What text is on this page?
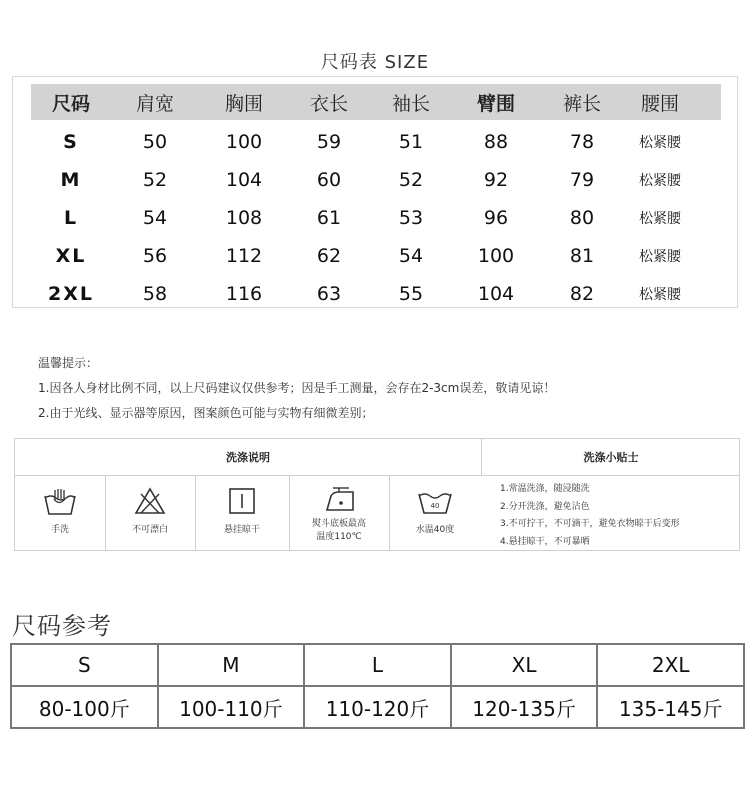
尺码表 SIZE
尺码	肩宽	胸围	衣长	袖长	臂围	裤长	腰围
S	50	100	59	51	88	78	松紧腰
M	52	104	60	52	92	79	松紧腰
L	54	108	61	53	96	80	松紧腰
XL	56	112	62	54	100	81	松紧腰
2XL	58	116	63	55	104	82	松紧腰
温馨提示：
1.因各人身材比例不同，以上尺码建议仅供参考；因是手工测量，会存在2-3cm误差，敬请见谅！
2.由于光线、显示器等原因，图案颜色可能与实物有细微差别；
洗涤说明	洗涤小贴士
手洗	不可漂白	悬挂晾干
熨斗底板最高
温度110℃
40
水温40度
1.常温洗涤，随浸随洗
2.分开洗涤，避免沾色
3.不可拧干，不可滴干，避免衣物晾干后变形
4.悬挂晾干，不可暴晒
尺码参考
S	M	L	XL	2XL
80-100斤	100-110斤	110-120斤	120-135斤	135-145斤
